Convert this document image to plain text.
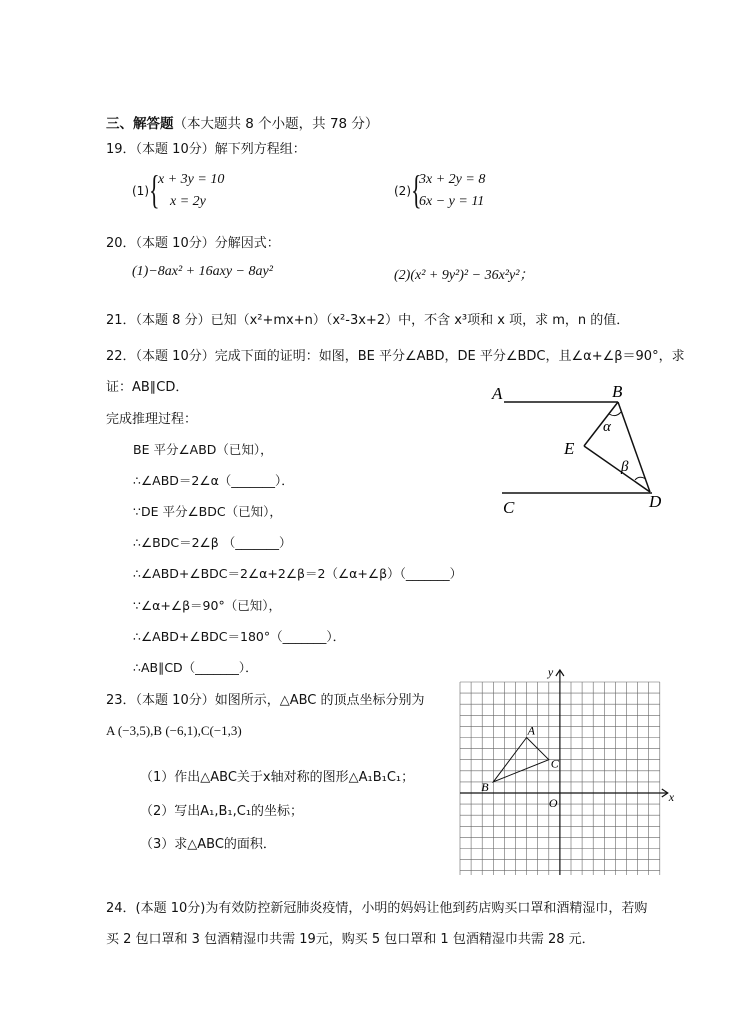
三、解答题（本大题共 8 个小题，共 78 分）
19．（本题 10分）解下列方程组：
(1) {
x + 3y = 10
x = 2y
(2) {
3x + 2y = 8
6x − y = 11
20．（本题 10分）分解因式：
(1)−8ax² + 16axy − 8ay²	(2)(x² + 9y²)² − 36x²y²；
21．（本题 8 分）已知（x²+mx+n）（x²-3x+2）中，不含 x³项和 x 项，求 m，n 的值．
22．（本题 10分）完成下面的证明：如图，BE 平分∠ABD，DE 平分∠BDC，且∠α+∠β＝90°，求
证：AB∥CD．
完成推理过程：
BE 平分∠ABD（已知），
∴∠ABD＝2∠α（_______）．
∵DE 平分∠BDC（已知），
∴∠BDC＝2∠β （_______）
∴∠ABD+∠BDC＝2∠α+2∠β＝2（∠α+∠β）（_______）
∵∠α+∠β＝90°（已知），
∴∠ABD+∠BDC＝180°（_______）．
∴AB∥CD（_______）．
A	B
C	D
E
α
β
23．（本题 10分）如图所示，△ABC 的顶点坐标分别为
A (−3,5),B (−6,1),C(−1,3)
（1）作出△ABC关于x轴对称的图形△A₁B₁C₁；
（2）写出A₁,B₁,C₁的坐标；
（3）求△ABC的面积．
A
B
C
O	x
y
24．(本题 10分)为有效防控新冠肺炎疫情，小明的妈妈让他到药店购买口罩和酒精湿巾，若购
买 2 包口罩和 3 包酒精湿巾共需 19元，购买 5 包口罩和 1 包酒精湿巾共需 28 元．
